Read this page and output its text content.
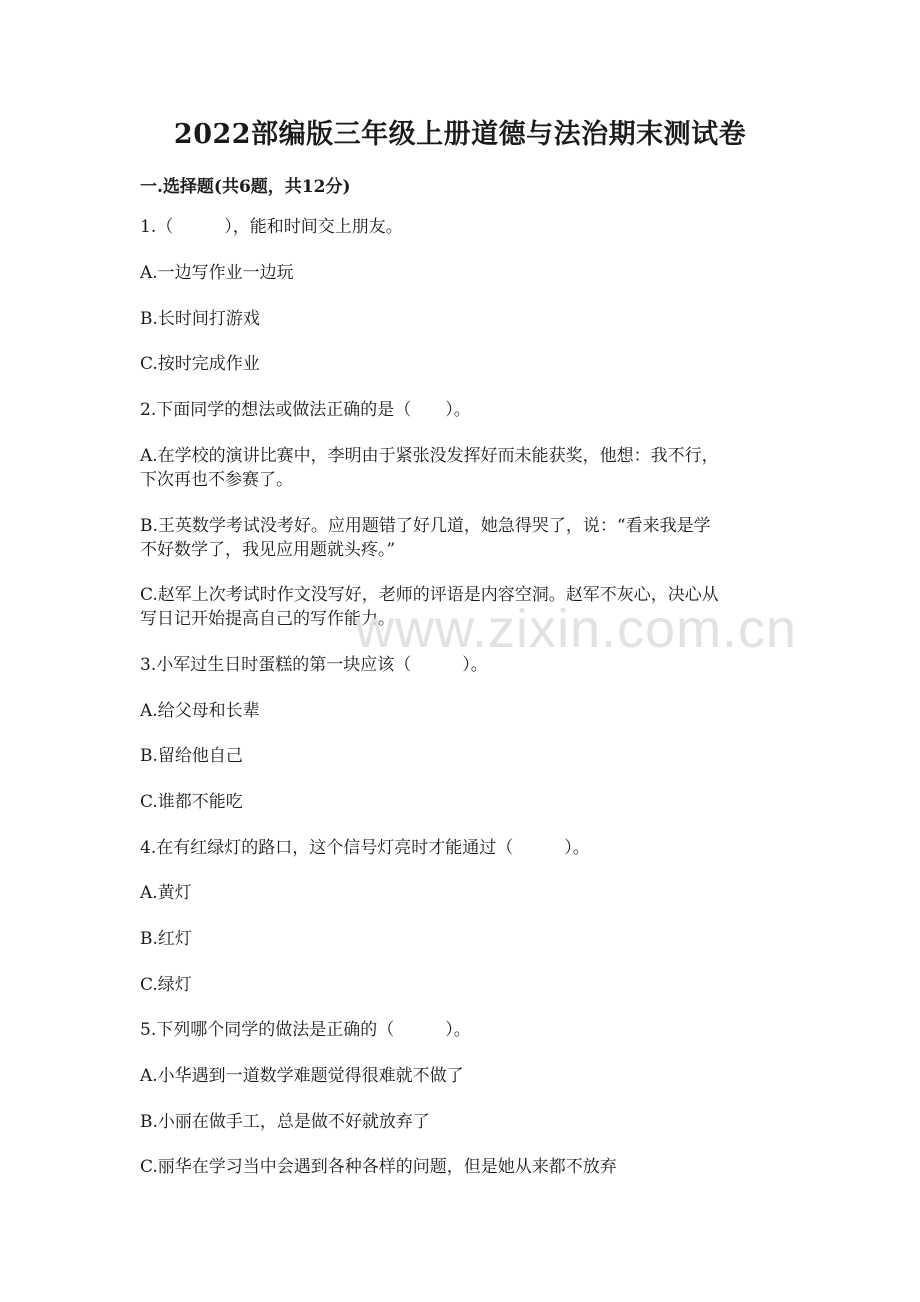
2022部编版三年级上册道德与法治期末测试卷
一.选择题(共6题，共12分)
1.（　　　），能和时间交上朋友。
A.一边写作业一边玩
B.长时间打游戏
C.按时完成作业
2.下面同学的想法或做法正确的是（　　）。
A.在学校的演讲比赛中，李明由于紧张没发挥好而未能获奖，他想：我不行，
下次再也不参赛了。
B.王英数学考试没考好。应用题错了好几道，她急得哭了，说：“看来我是学
不好数学了，我见应用题就头疼。”
C.赵军上次考试时作文没写好，老师的评语是内容空洞。赵军不灰心，决心从
写日记开始提高自己的写作能力。
3.小军过生日时蛋糕的第一块应该（　　　）。
A.给父母和长辈
B.留给他自己
C.谁都不能吃
4.在有红绿灯的路口，这个信号灯亮时才能通过（　　　）。
A.黄灯
B.红灯
C.绿灯
5.下列哪个同学的做法是正确的（　　　）。
A.小华遇到一道数学难题觉得很难就不做了
B.小丽在做手工，总是做不好就放弃了
C.丽华在学习当中会遇到各种各样的问题，但是她从来都不放弃
www.zixin.com.cn
